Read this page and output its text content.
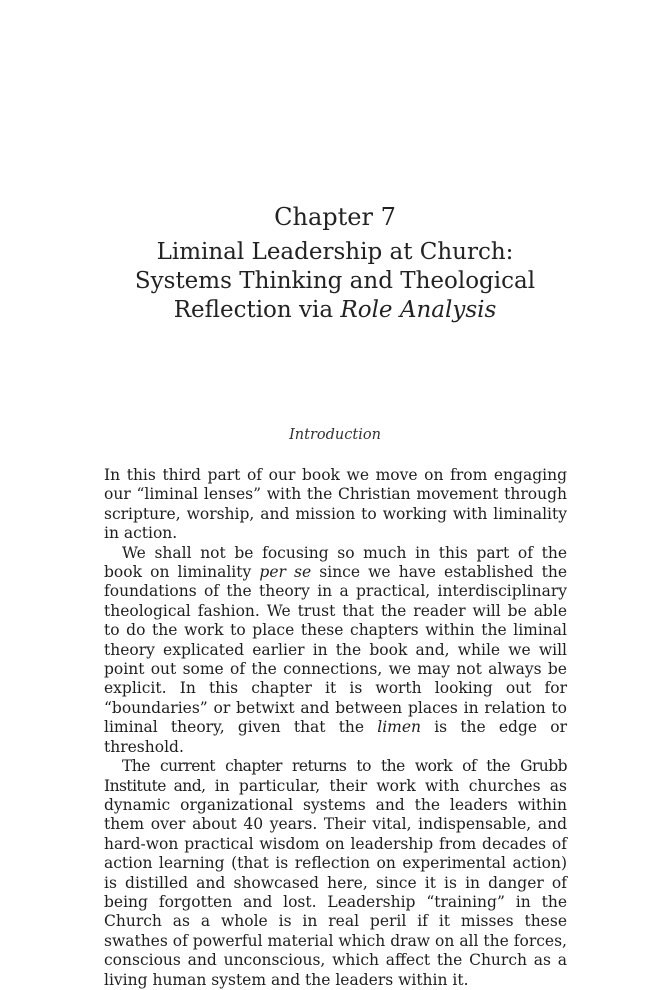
Chapter 7
Liminal Leadership at Church:
Systems Thinking and Theological
Reflection via Role Analysis
Introduction

In this third part of our book we move on from engaging our “liminal lenses” with the Christian movement through scripture, worship, and mission to working with liminality in action.

We shall not be focusing so much in this part of the book on liminality per se since we have established the foundations of the theory in a practical, interdisciplinary theological fashion. We trust that the reader will be able to do the work to place these chapters within the liminal theory explicated earlier in the book and, while we will point out some of the connections, we may not always be explicit. In this chapter it is worth looking out for “boundaries” or betwixt and between places in relation to liminal theory, given that the limen is the edge or threshold.

The current chapter returns to the work of the Grubb Institute and, in particular, their work with churches as dynamic organizational systems and the leaders within them over about 40 years. Their vital, indispensable, and hard-won practical wisdom on leadership from decades of action learning (that is reflection on experimental action) is distilled and showcased here, since it is in danger of being forgotten and lost. Leadership “training” in the Church as a whole is in real peril if it misses these swathes of powerful material which draw on all the forces, conscious and unconscious, which affect the Church as a living human system and the leaders within it.
